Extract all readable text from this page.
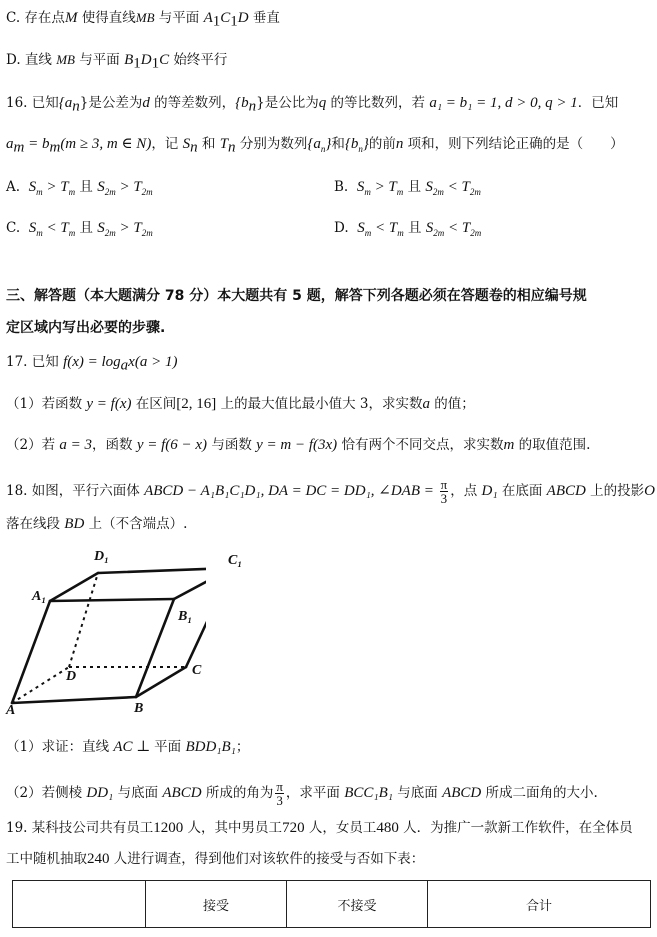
C. 存在点M 使得直线MB 与平面 $A_1C_1D$ 垂直
D. 直线 MB 与平面 $B_1D_1C$ 始终平行
16. 已知$\{a_n\}$是公差为d 的等差数列，$\{b_n\}$是公比为q 的等比数列，若 a₁ = b₁ = 1, d > 0, q > 1．已知
$a_m = b_m(m \ge 3$, m ∈ N)，记 $S_n$ 和 $T_n$ 分别为数列$\{a_n\}$和$\{b_n\}$的前n 项和，则下列结论正确的是（　　）
A. $S_m > T_m$ 且 $S_{2m} > T_{2m}$	B. $S_m > T_m$ 且 $S_{2m} < T_{2m}$
C. $S_m < T_m$ 且 $S_{2m} > T_{2m}$	D. $S_m < T_m$ 且 $S_{2m} < T_{2m}$
三、解答题（本大题满分 78 分）本大题共有 5 题，解答下列各题必须在答题卷的相应编号规
定区域内写出必要的步骤.
17. 已知 $f(x) = \log_ax(a > 1)$
（1）若函数 y = f(x) 在区间[2, 16] 上的最大值比最小值大 3，求实数a 的值；
（2）若 a = 3，函数 y = f(6 − x) 与函数 y = m − f(3x) 恰有两个不同交点，求实数m 的取值范围.
18. 如图，平行六面体 ABCD − A₁B₁C₁D₁, DA = DC = DD₁, ∠DAB = $\frac{\pi}{3}$ ，点 D₁ 在底面 ABCD 上的投影O
落在线段 BD 上（不含端点）.
D₁	C₁
A₁
B₁
D	C
A	B
（1）求证：直线 AC ⊥ 平面 BDD₁B₁；
（2）若侧棱 DD₁ 与底面 ABCD 所成的角为 $\frac{\pi}{3}$ ，求平面 BCC₁B₁ 与底面 ABCD 所成二面角的大小.
19. 某科技公司共有员工1200 人，其中男员工720 人，女员工480 人．为推广一款新工作软件，在全体员
工中随机抽取240 人进行调查，得到他们对该软件的接受与否如下表：
	接受	不接受	合计
